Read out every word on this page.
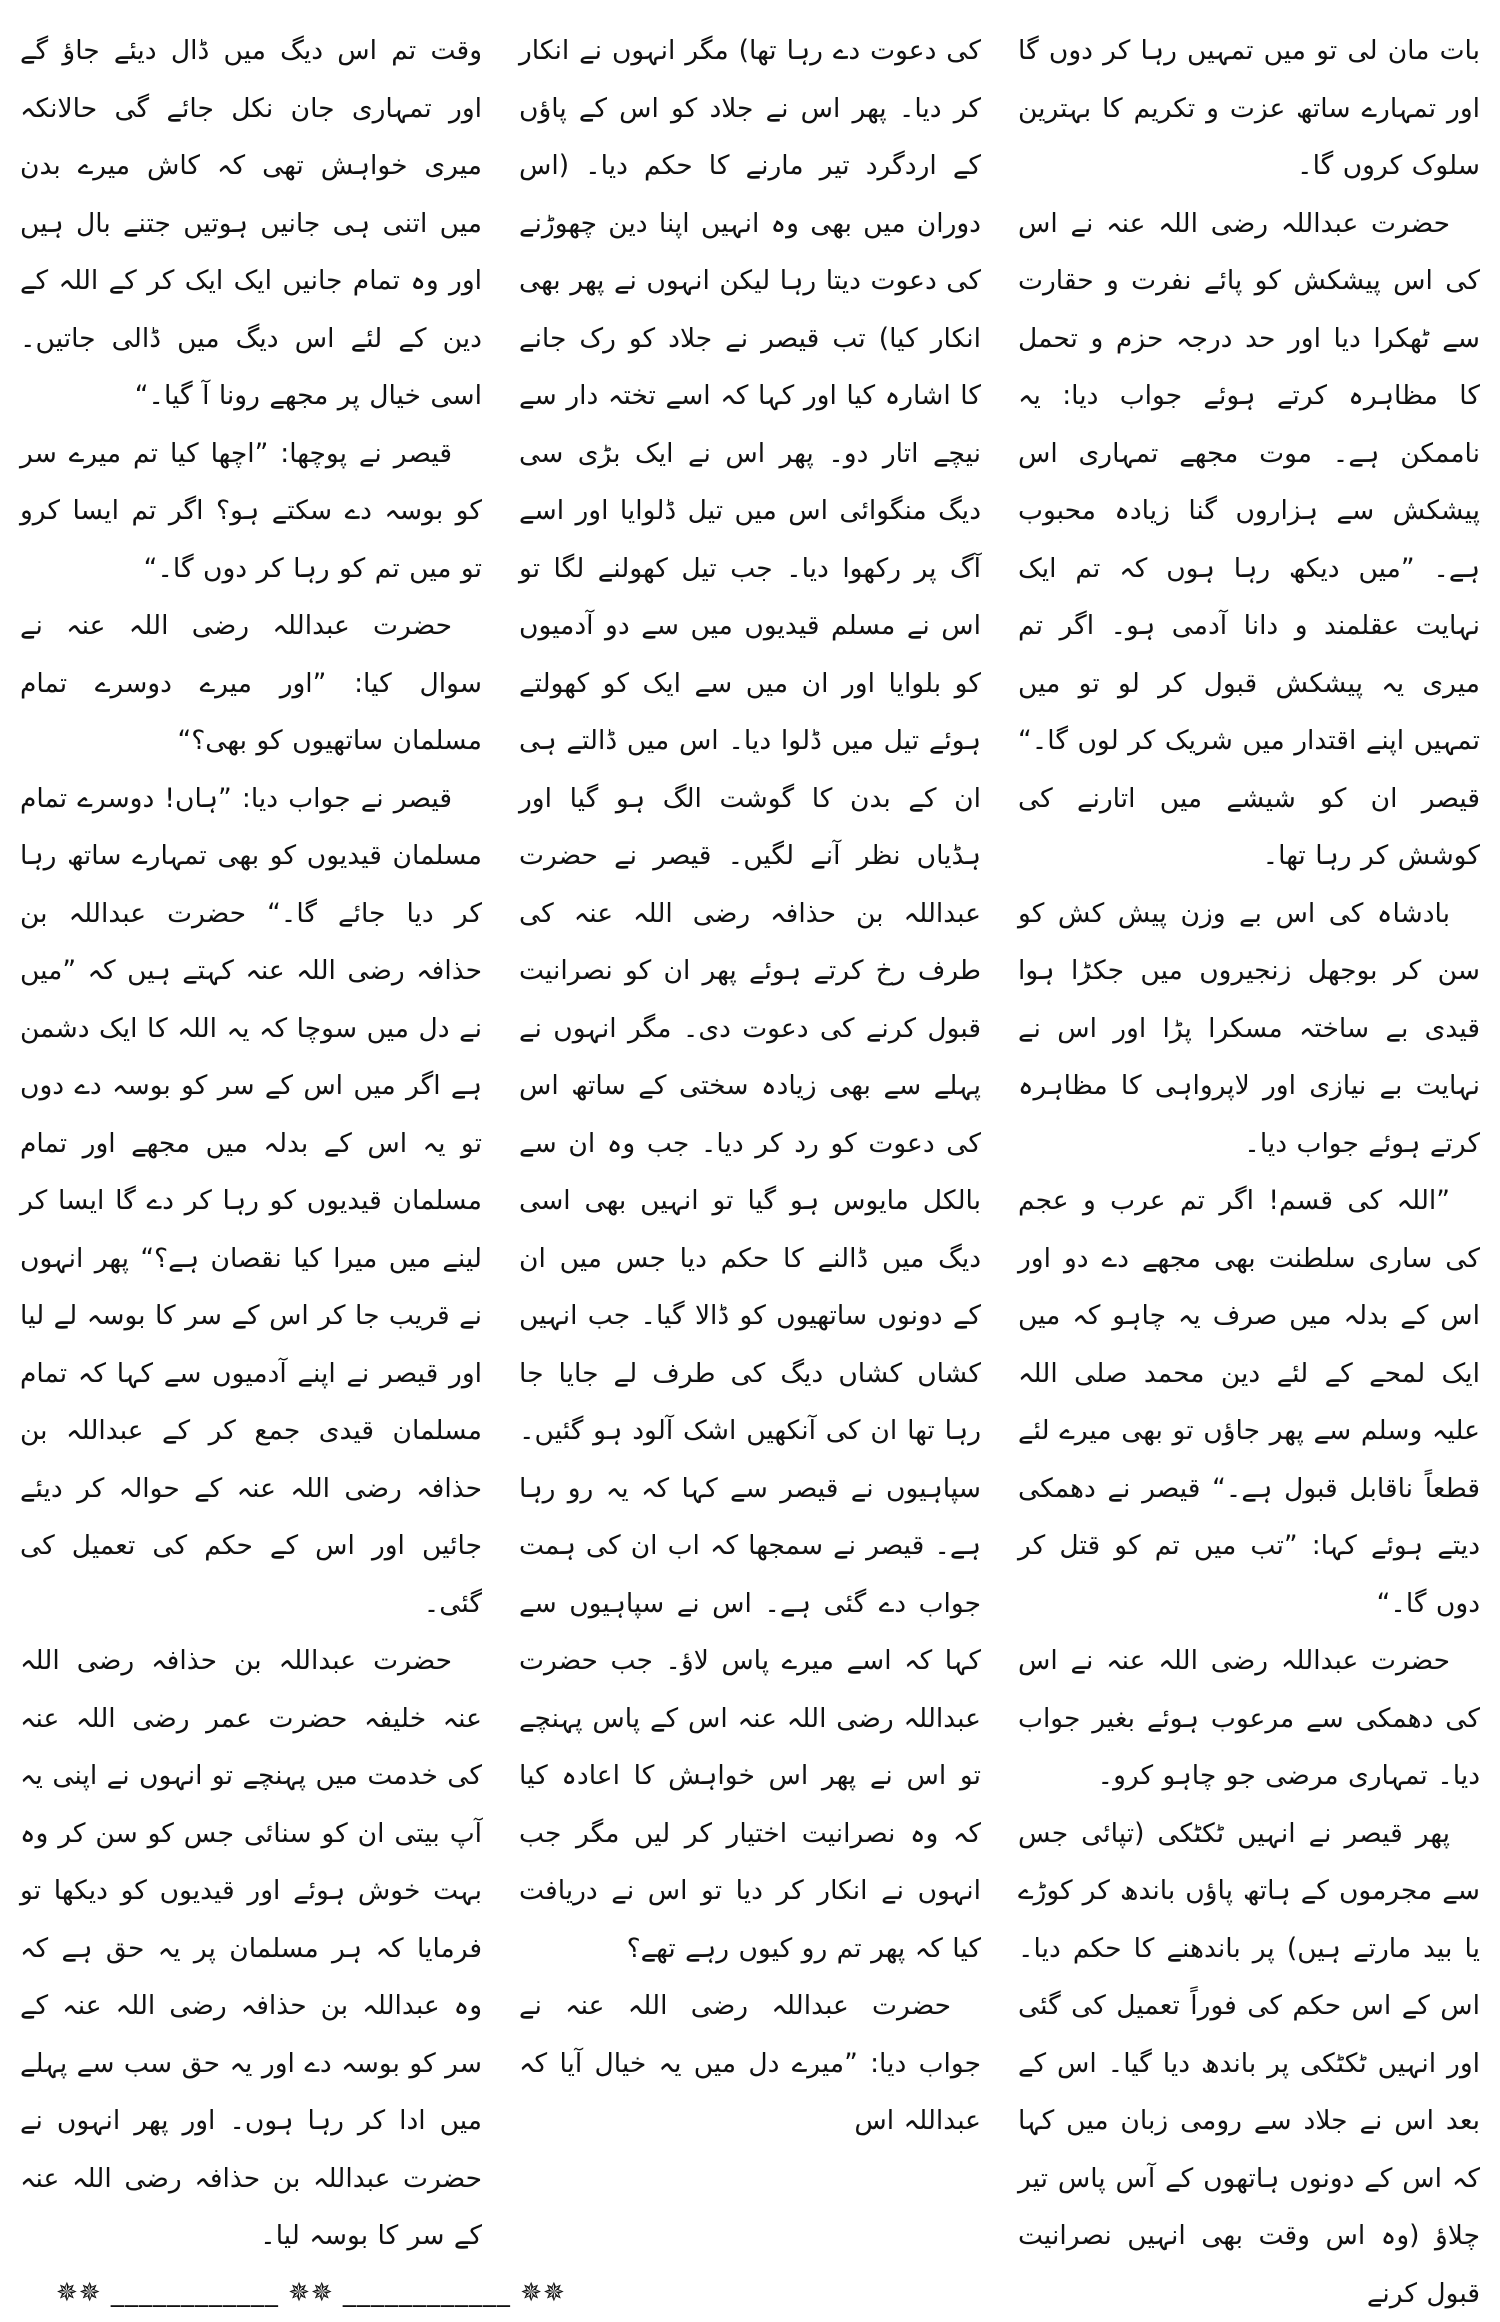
بات مان لی تو میں تمہیں رہا کر دوں گا اور تمہارے ساتھ عزت و تکریم کا بہترین سلوک کروں گا۔

حضرت عبداللہ رضی اللہ عنہ نے اس کی اس پیشکش کو پائے نفرت و حقارت سے ٹھکرا دیا اور حد درجہ حزم و تحمل کا مظاہرہ کرتے ہوئے جواب دیا: یہ ناممکن ہے۔ موت مجھے تمہاری اس پیشکش سے ہزاروں گنا زیادہ محبوب ہے۔ ”میں دیکھ رہا ہوں کہ تم ایک نہایت عقلمند و دانا آدمی ہو۔ اگر تم میری یہ پیشکش قبول کر لو تو میں تمہیں اپنے اقتدار میں شریک کر لوں گا۔“ قیصر ان کو شیشے میں اتارنے کی کوشش کر رہا تھا۔

بادشاہ کی اس بے وزن پیش کش کو سن کر بوجھل زنجیروں میں جکڑا ہوا قیدی بے ساختہ مسکرا پڑا اور اس نے نہایت بے نیازی اور لاپرواہی کا مظاہرہ کرتے ہوئے جواب دیا۔

”اللہ کی قسم! اگر تم عرب و عجم کی ساری سلطنت بھی مجھے دے دو اور اس کے بدلہ میں صرف یہ چاہو کہ میں ایک لمحے کے لئے دین محمد صلی اللہ علیہ وسلم سے پھر جاؤں تو بھی میرے لئے قطعاً ناقابل قبول ہے۔“ قیصر نے دھمکی دیتے ہوئے کہا: ”تب میں تم کو قتل کر دوں گا۔“

حضرت عبداللہ رضی اللہ عنہ نے اس کی دھمکی سے مرعوب ہوئے بغیر جواب دیا۔ تمہاری مرضی جو چاہو کرو۔

پھر قیصر نے انہیں ٹکٹکی (تپائی جس سے مجرموں کے ہاتھ پاؤں باندھ کر کوڑے یا بید مارتے ہیں) پر باندھنے کا حکم دیا۔ اس کے اس حکم کی فوراً تعمیل کی گئی اور انہیں ٹکٹکی پر باندھ دیا گیا۔ اس کے بعد اس نے جلاد سے رومی زبان میں کہا کہ اس کے دونوں ہاتھوں کے آس پاس تیر چلاؤ (وہ اس وقت بھی انہیں نصرانیت قبول کرنے

کی دعوت دے رہا تھا) مگر انہوں نے انکار کر دیا۔ پھر اس نے جلاد کو اس کے پاؤں کے اردگرد تیر مارنے کا حکم دیا۔ (اس دوران میں بھی وہ انہیں اپنا دین چھوڑنے کی دعوت دیتا رہا لیکن انہوں نے پھر بھی انکار کیا) تب قیصر نے جلاد کو رک جانے کا اشارہ کیا اور کہا کہ اسے تختہ دار سے نیچے اتار دو۔ پھر اس نے ایک بڑی سی دیگ منگوائی اس میں تیل ڈلوایا اور اسے آگ پر رکھوا دیا۔ جب تیل کھولنے لگا تو اس نے مسلم قیدیوں میں سے دو آدمیوں کو بلوایا اور ان میں سے ایک کو کھولتے ہوئے تیل میں ڈلوا دیا۔ اس میں ڈالتے ہی ان کے بدن کا گوشت الگ ہو گیا اور ہڈیاں نظر آنے لگیں۔ قیصر نے حضرت عبداللہ بن حذافہ رضی اللہ عنہ کی طرف رخ کرتے ہوئے پھر ان کو نصرانیت قبول کرنے کی دعوت دی۔ مگر انہوں نے پہلے سے بھی زیادہ سختی کے ساتھ اس کی دعوت کو رد کر دیا۔ جب وہ ان سے بالکل مایوس ہو گیا تو انہیں بھی اسی دیگ میں ڈالنے کا حکم دیا جس میں ان کے دونوں ساتھیوں کو ڈالا گیا۔ جب انہیں کشاں کشاں دیگ کی طرف لے جایا جا رہا تھا ان کی آنکھیں اشک آلود ہو گئیں۔ سپاہیوں نے قیصر سے کہا کہ یہ رو رہا ہے۔ قیصر نے سمجھا کہ اب ان کی ہمت جواب دے گئی ہے۔ اس نے سپاہیوں سے کہا کہ اسے میرے پاس لاؤ۔ جب حضرت عبداللہ رضی اللہ عنہ اس کے پاس پہنچے تو اس نے پھر اس خواہش کا اعادہ کیا کہ وہ نصرانیت اختیار کر لیں مگر جب انہوں نے انکار کر دیا تو اس نے دریافت کیا کہ پھر تم رو کیوں رہے تھے؟

حضرت عبداللہ رضی اللہ عنہ نے جواب دیا: ”میرے دل میں یہ خیال آیا کہ عبداللہ اس

وقت تم اس دیگ میں ڈال دیئے جاؤ گے اور تمہاری جان نکل جائے گی حالانکہ میری خواہش تھی کہ کاش میرے بدن میں اتنی ہی جانیں ہوتیں جتنے بال ہیں اور وہ تمام جانیں ایک ایک کر کے اللہ کے دین کے لئے اس دیگ میں ڈالی جاتیں۔ اسی خیال پر مجھے رونا آ گیا۔“

قیصر نے پوچھا: ”اچھا کیا تم میرے سر کو بوسہ دے سکتے ہو؟ اگر تم ایسا کرو تو میں تم کو رہا کر دوں گا۔“

حضرت عبداللہ رضی اللہ عنہ نے سوال کیا: ”اور میرے دوسرے تمام مسلمان ساتھیوں کو بھی؟“

قیصر نے جواب دیا: ”ہاں! دوسرے تمام مسلمان قیدیوں کو بھی تمہارے ساتھ رہا کر دیا جائے گا۔“ حضرت عبداللہ بن حذافہ رضی اللہ عنہ کہتے ہیں کہ ”میں نے دل میں سوچا کہ یہ اللہ کا ایک دشمن ہے اگر میں اس کے سر کو بوسہ دے دوں تو یہ اس کے بدلہ میں مجھے اور تمام مسلمان قیدیوں کو رہا کر دے گا ایسا کر لینے میں میرا کیا نقصان ہے؟“ پھر انہوں نے قریب جا کر اس کے سر کا بوسہ لے لیا اور قیصر نے اپنے آدمیوں سے کہا کہ تمام مسلمان قیدی جمع کر کے عبداللہ بن حذافہ رضی اللہ عنہ کے حوالہ کر دیئے جائیں اور اس کے حکم کی تعمیل کی گئی۔

حضرت عبداللہ بن حذافہ رضی اللہ عنہ خلیفہ حضرت عمر رضی اللہ عنہ کی خدمت میں پہنچے تو انہوں نے اپنی یہ آپ بیتی ان کو سنائی جس کو سن کر وہ بہت خوش ہوئے اور قیدیوں کو دیکھا تو فرمایا کہ ہر مسلمان پر یہ حق ہے کہ وہ عبداللہ بن حذافہ رضی اللہ عنہ کے سر کو بوسہ دے اور یہ حق سب سے پہلے میں ادا کر رہا ہوں۔ اور پھر انہوں نے حضرت عبداللہ بن حذافہ رضی اللہ عنہ کے سر کا بوسہ لیا۔

✵✵ ____________ ✵✵ ____________ ✵✵
